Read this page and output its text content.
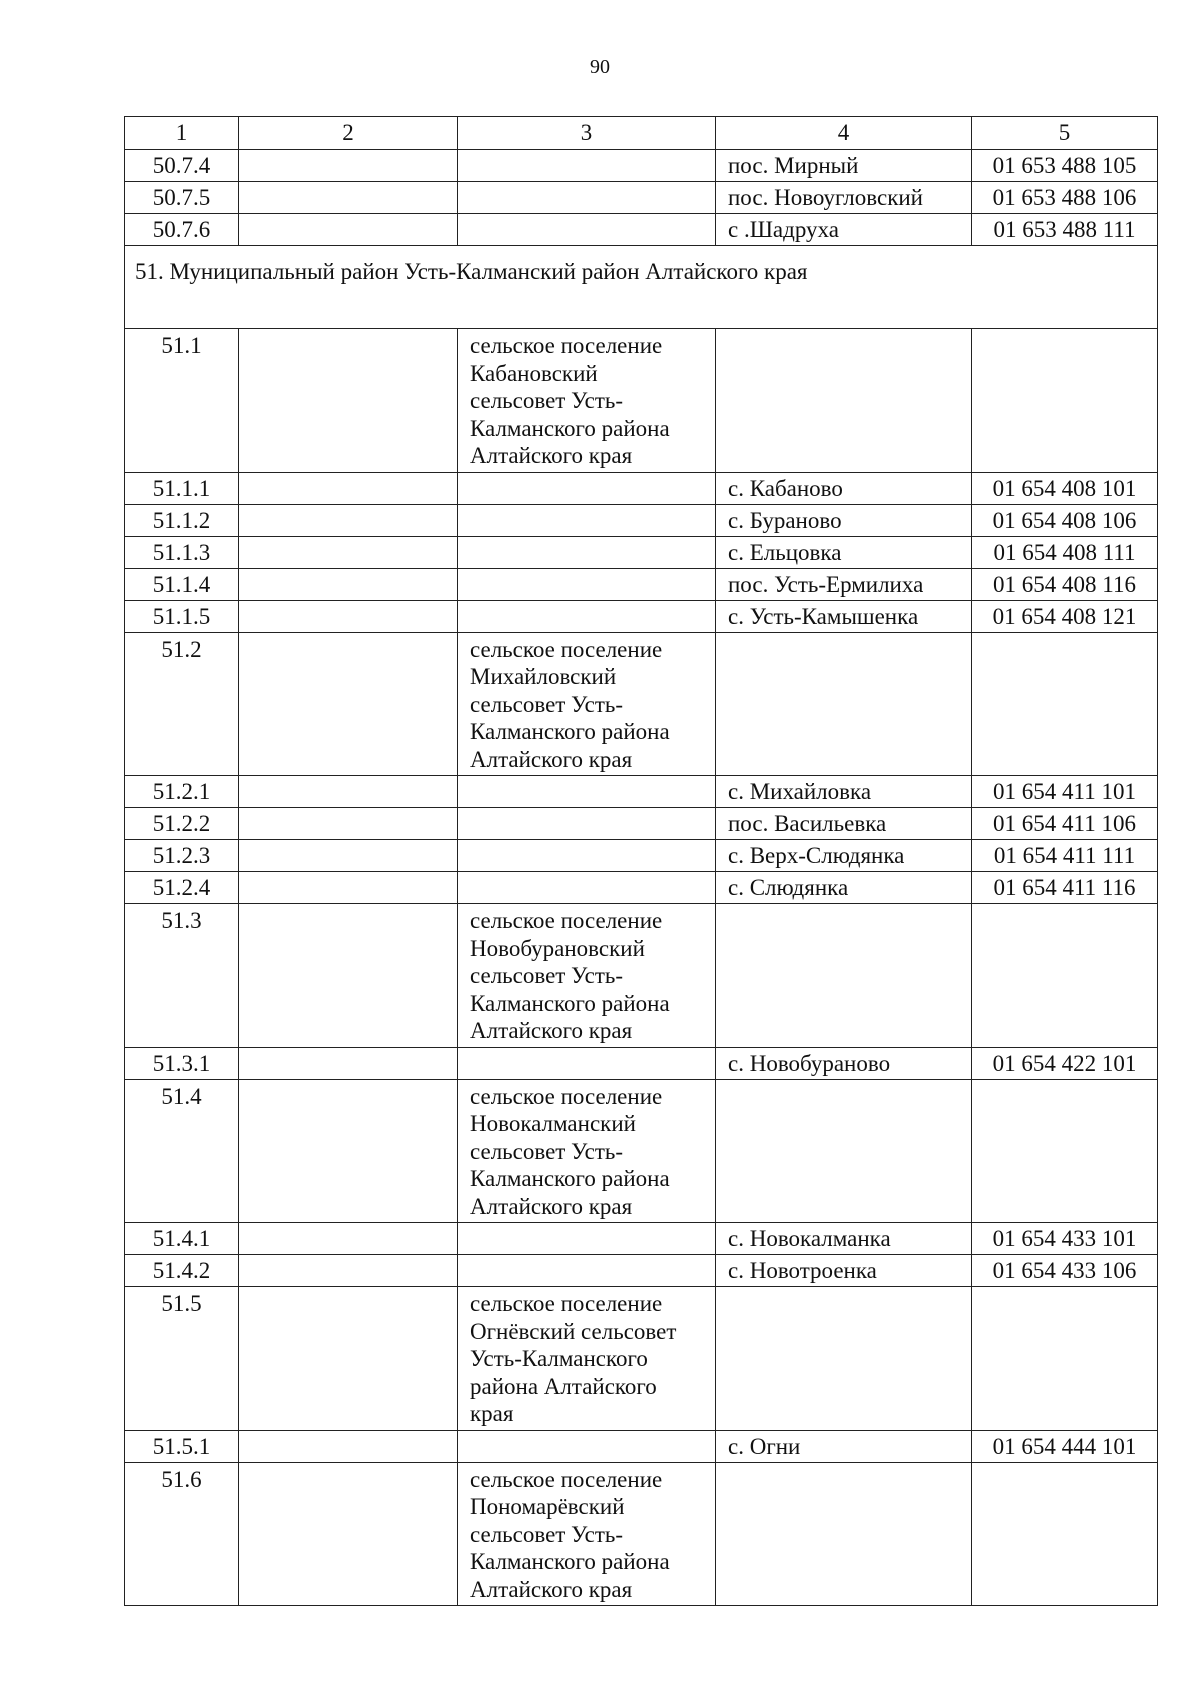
90
1	2	3	4	5
50.7.4			пос. Мирный	01 653 488 105
50.7.5			пос. Новоугловский	01 653 488 106
50.7.6			с .Шадруха	01 653 488 111
51. Муниципальный район Усть-Калманский район Алтайского края				
51.1		сельское поселение
Кабановский
сельсовет Усть-
Калманского района
Алтайского края		

51.1.1			с. Кабаново	01 654 408 101
51.1.2			с. Бураново	01 654 408 106
51.1.3			с. Ельцовка	01 654 408 111
51.1.4			пос. Усть-Ермилиха	01 654 408 116
51.1.5			с. Усть-Камышенка	01 654 408 121
51.2		сельское поселение
Михайловский
сельсовет Усть-
Калманского района
Алтайского края		

51.2.1			с. Михайловка	01 654 411 101
51.2.2			пос. Васильевка	01 654 411 106
51.2.3			с. Верх-Слюдянка	01 654 411 111
51.2.4			с. Слюдянка	01 654 411 116
51.3		сельское поселение
Новобурановский
сельсовет Усть-
Калманского района
Алтайского края		

51.3.1			с. Новобураново	01 654 422 101
51.4		сельское поселение
Новокалманский
сельсовет Усть-
Калманского района
Алтайского края		

51.4.1			с. Новокалманка	01 654 433 101
51.4.2			с. Новотроенка	01 654 433 106
51.5		сельское поселение
Огнёвский сельсовет
Усть-Калманского
района Алтайского
края		

51.5.1			с. Огни	01 654 444 101
51.6		сельское поселение
Пономарёвский
сельсовет Усть-
Калманского района
Алтайского края		
